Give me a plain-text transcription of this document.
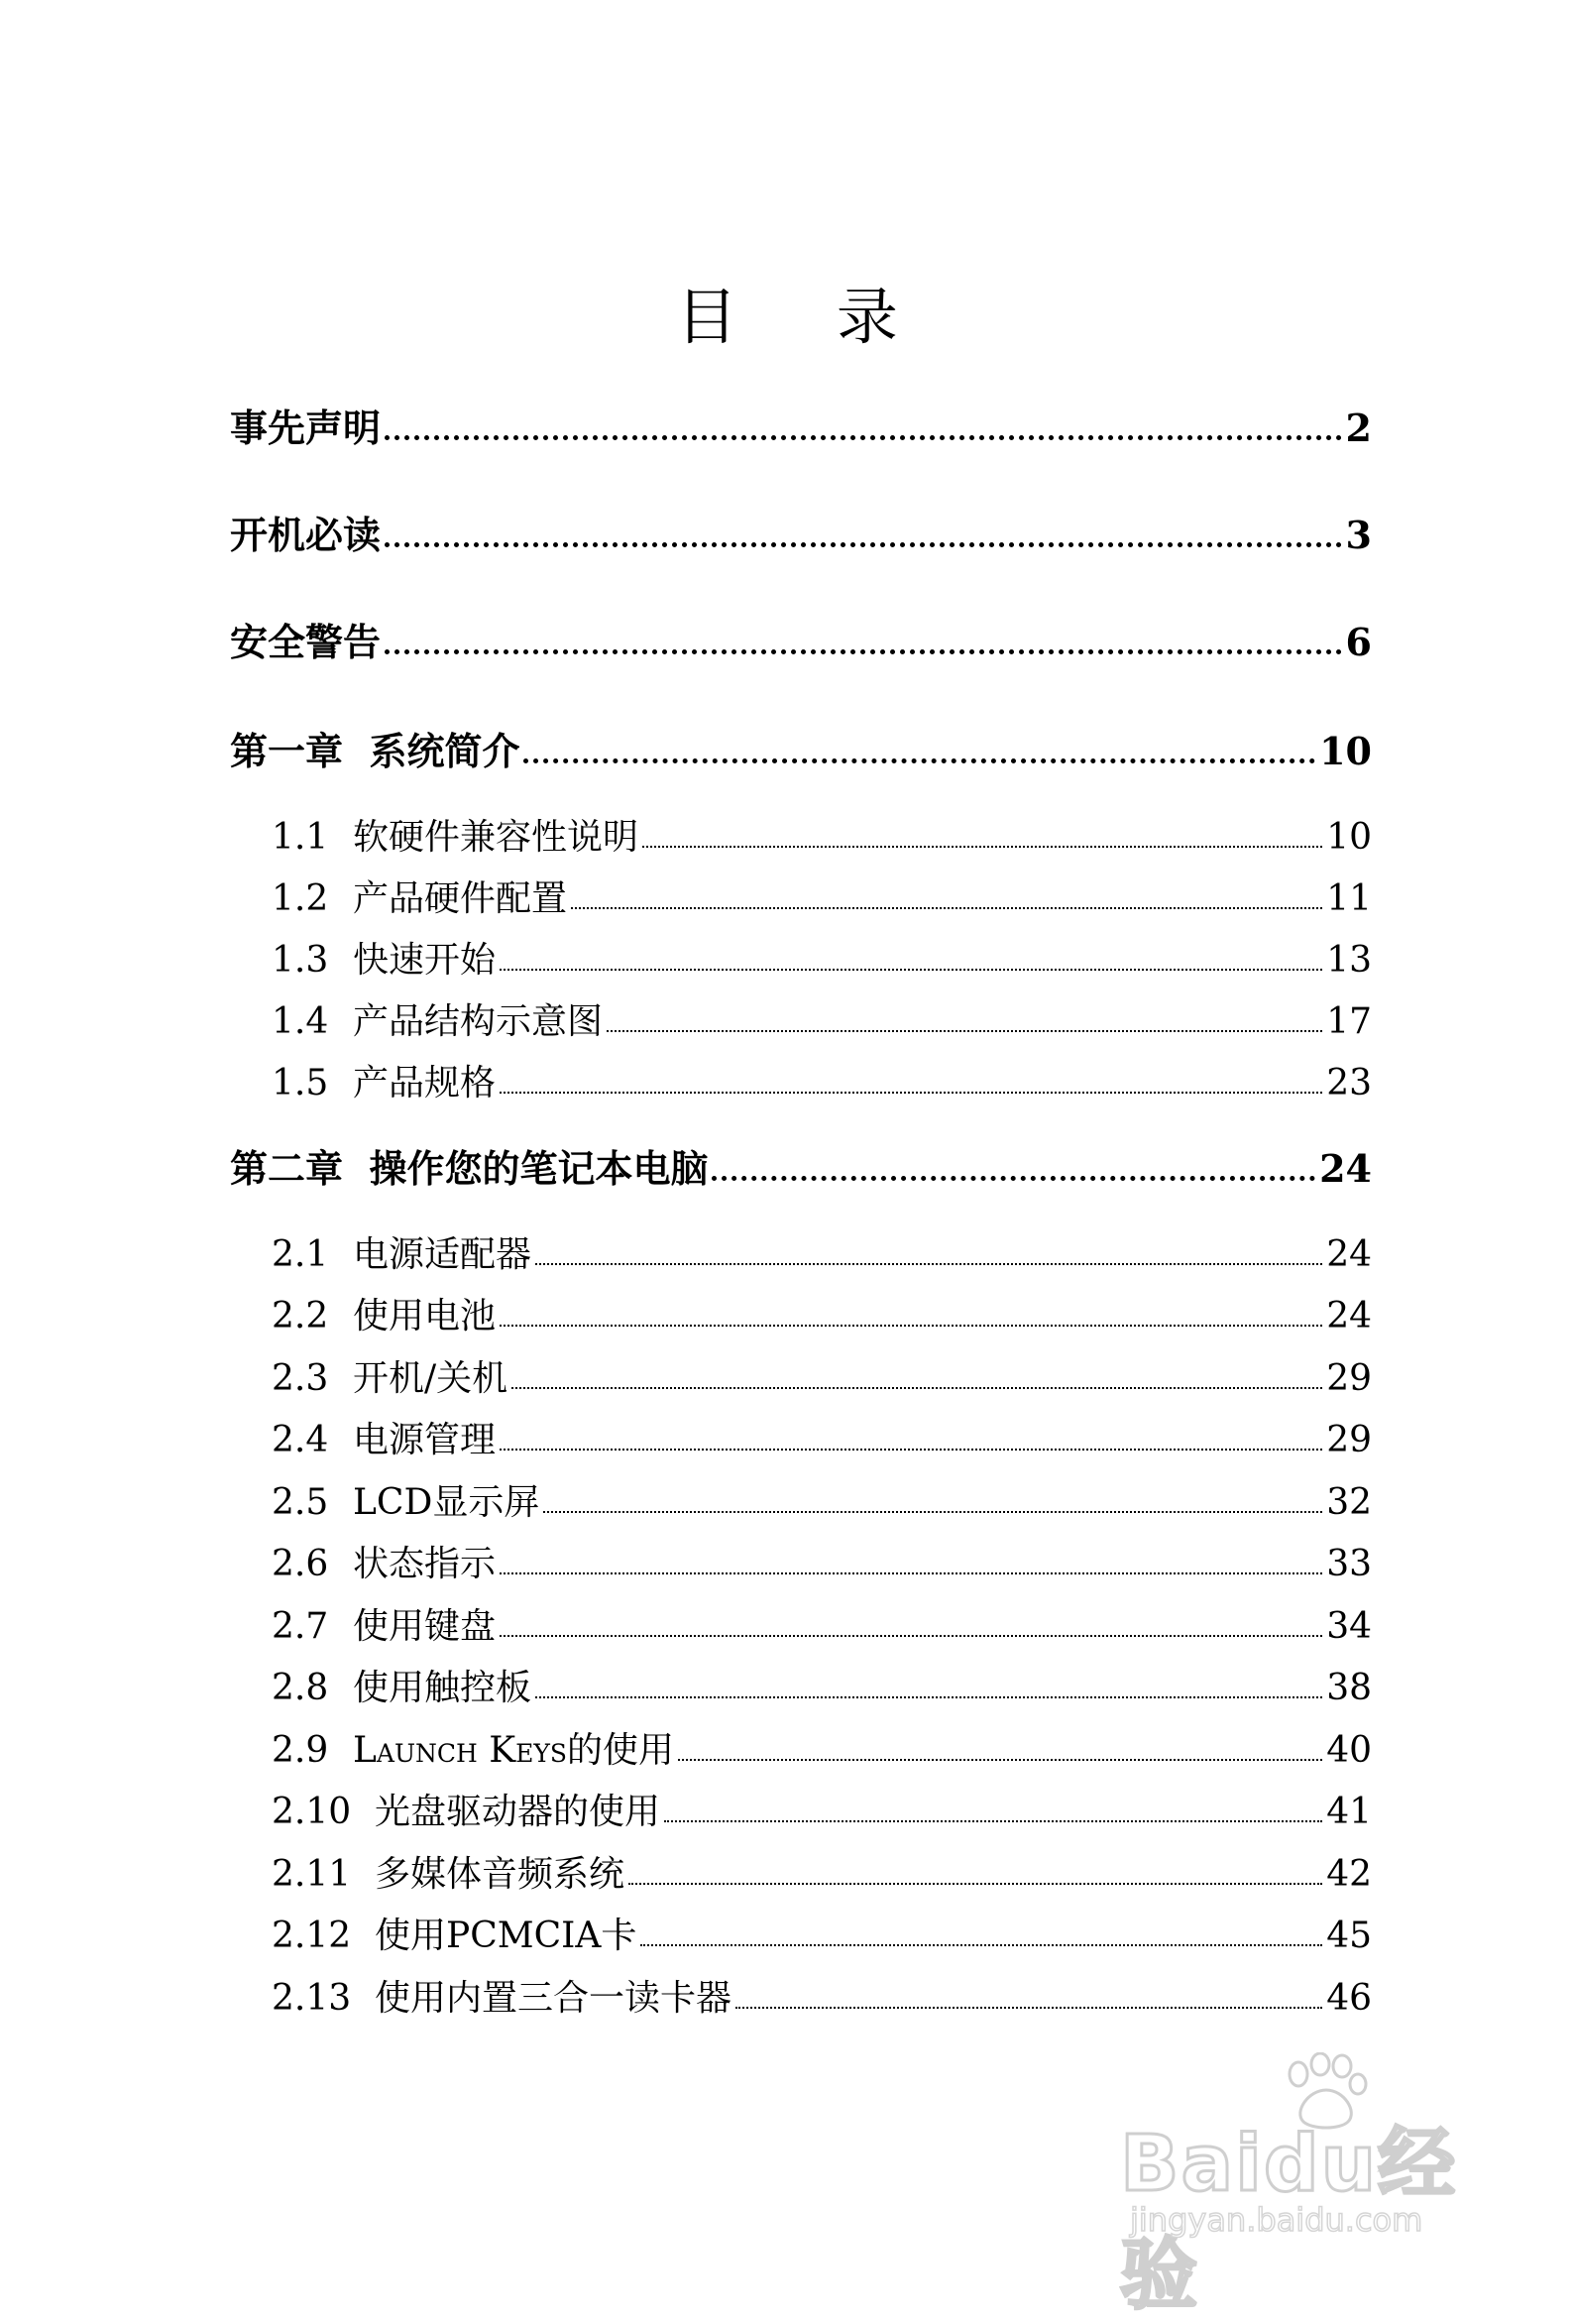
目 录
事先声明	2
开机必读	3
安全警告	6
第一章  系统简介	10
1.1 软硬件兼容性说明	10
1.2 产品硬件配置	11
1.3 快速开始	13
1.4 产品结构示意图	17
1.5 产品规格	23
第二章  操作您的笔记本电脑	24
2.1 电源适配器	24
2.2 使用电池	24
2.3 开机/关机	29
2.4 电源管理	29
2.5 LCD显示屏	32
2.6 状态指示	33
2.7 使用键盘	34
2.8 使用触控板	38
2.9 Launch Keys的使用	40
2.10 光盘驱动器的使用	41
2.11 多媒体音频系统	42
2.12 使用PCMCIA卡	45
2.13 使用内置三合一读卡器	46
Baidu经验
jingyan.baidu.com
